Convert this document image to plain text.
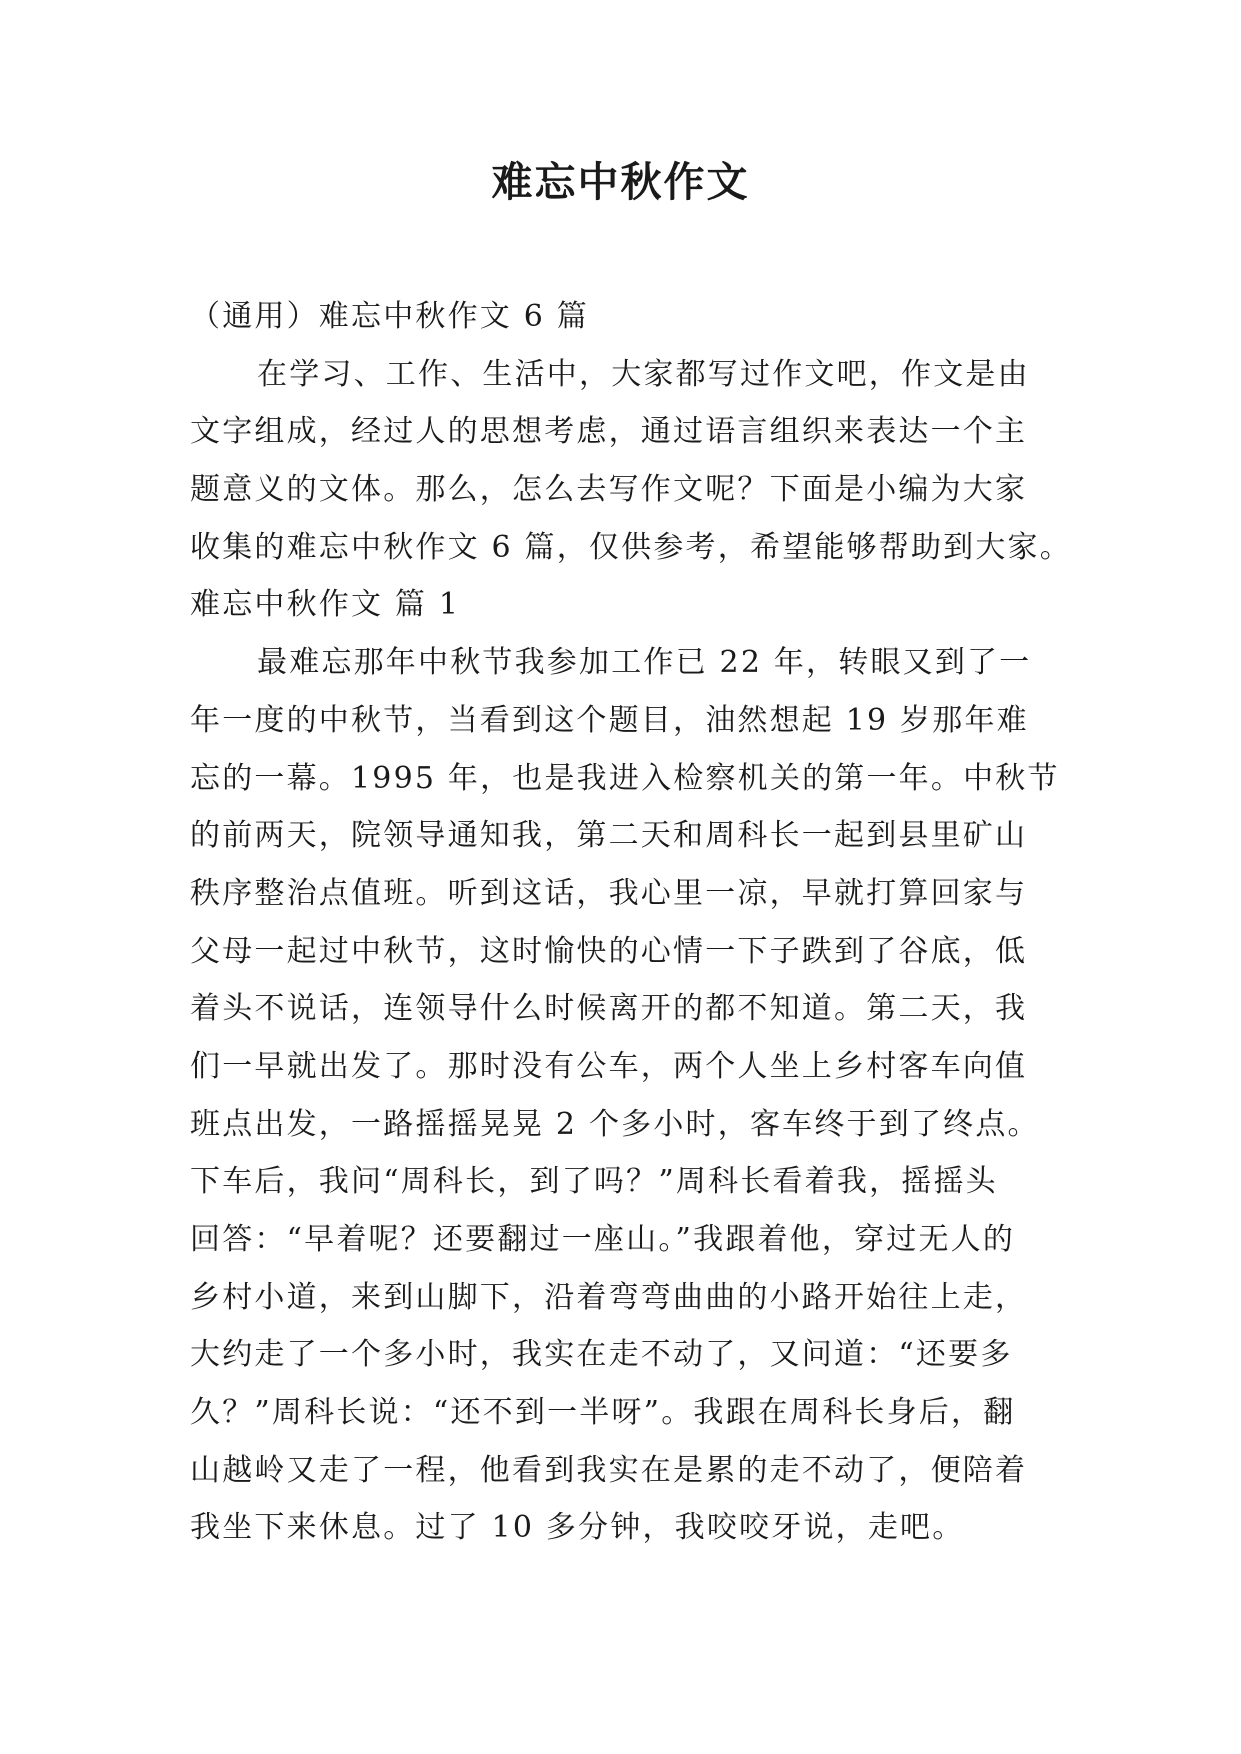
难忘中秋作文
（通用）难忘中秋作文 6 篇
在学习、工作、生活中，大家都写过作文吧，作文是由
文字组成，经过人的思想考虑，通过语言组织来表达一个主
题意义的文体。那么，怎么去写作文呢？下面是小编为大家
收集的难忘中秋作文 6 篇，仅供参考，希望能够帮助到大家。
难忘中秋作文 篇 1
最难忘那年中秋节我参加工作已 22 年，转眼又到了一
年一度的中秋节，当看到这个题目，油然想起 19 岁那年难
忘的一幕。1995 年，也是我进入检察机关的第一年。中秋节
的前两天，院领导通知我，第二天和周科长一起到县里矿山
秩序整治点值班。听到这话，我心里一凉，早就打算回家与
父母一起过中秋节，这时愉快的心情一下子跌到了谷底，低
着头不说话，连领导什么时候离开的都不知道。第二天，我
们一早就出发了。那时没有公车，两个人坐上乡村客车向值
班点出发，一路摇摇晃晃 2 个多小时，客车终于到了终点。
下车后，我问“周科长，到了吗？”周科长看着我，摇摇头
回答：“早着呢？还要翻过一座山。”我跟着他，穿过无人的
乡村小道，来到山脚下，沿着弯弯曲曲的小路开始往上走，
大约走了一个多小时，我实在走不动了，又问道：“还要多
久？”周科长说：“还不到一半呀”。我跟在周科长身后，翻
山越岭又走了一程，他看到我实在是累的走不动了，便陪着
我坐下来休息。过了 10 多分钟，我咬咬牙说，走吧。
